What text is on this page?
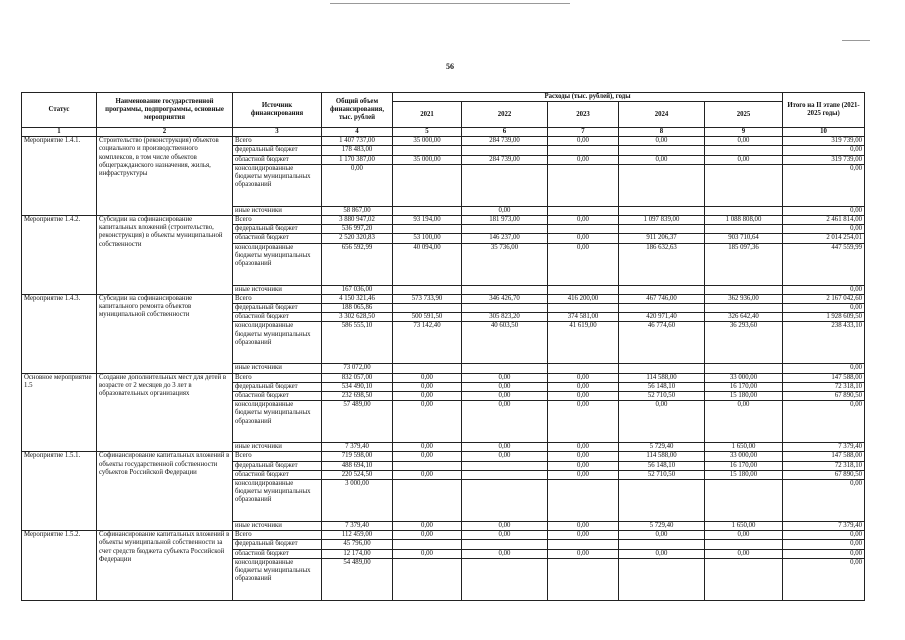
56
Статус	Наименование государственной программы, подпрограммы, основные мероприятия	Источник финансирования	Общий объем финансирования, тыс. рублей	Расходы (тыс. рублей), годы					Итого на II этапе (2021-2025 годы)
				2021	2022	2023	2024	2025	
1	2	3	4	5	6	7	8	9	10
Мероприятие 1.4.1.	Строительство (реконструкция) объектов социального и производственного комплексов, в том числе объектов общегражданского назначения, жилья, инфраструктуры	Всего	1 407 737,00	35 000,00	284 739,00	0,00	0,00	0,00	319 739,00
		федеральный бюджет	178 483,00						0,00
		областной бюджет	1 170 387,00	35 000,00	284 739,00	0,00	0,00	0,00	319 739,00
		консолидированные бюджеты муниципальных образований	0,00						0,00
		иные источники	58 867,00		0,00				0,00
Мероприятие 1.4.2.	Субсидии на софинансирование капитальных вложений (строительство, реконструкция) в объекты муниципальной собственности	Всего	3 880 947,02	93 194,00	181 973,00	0,00	1 097 839,00	1 088 808,00	2 461 814,00
		федеральный бюджет	536 997,20						0,00
		областной бюджет	2 520 320,83	53 100,00	146 237,00	0,00	911 206,37	903 710,64	2 014 254,01
		консолидированные бюджеты муниципальных образований	656 592,99	40 094,00	35 736,00	0,00	186 632,63	185 097,36	447 559,99
		иные источники	167 036,00						0,00
Мероприятие 1.4.3.	Субсидии на софинансирование капитального ремонта объектов муниципальной собственности	Всего	4 150 321,46	573 733,90	346 426,70	416 200,00	467 746,00	362 936,00	2 167 042,60
		федеральный бюджет	188 065,86						0,00
		областной бюджет	3 302 628,50	500 591,50	305 823,20	374 581,00	420 971,40	326 642,40	1 928 609,50
		консолидированные бюджеты муниципальных образований	586 555,10	73 142,40	40 603,50	41 619,00	46 774,60	36 293,60	238 433,10
		иные источники	73 072,00						0,00
Основное мероприятие 1.5	Создание дополнительных мест для детей в возрасте от 2 месяцев до 3 лет в образовательных организациях	Всего	832 057,00	0,00	0,00	0,00	114 588,00	33 000,00	147 588,00
		федеральный бюджет	534 490,10	0,00	0,00	0,00	56 148,10	16 170,00	72 318,10
		областной бюджет	232 698,50	0,00	0,00	0,00	52 710,50	15 180,00	67 890,50
		консолидированные бюджеты муниципальных образований	57 489,00	0,00	0,00	0,00	0,00	0,00	0,00
		иные источники	7 379,40	0,00	0,00	0,00	5 729,40	1 650,00	7 379,40
Мероприятие 1.5.1.	Софинансирование капитальных вложений в объекты государственной собственности субъектов Российской Федерации	Всего	719 598,00	0,00	0,00	0,00	114 588,00	33 000,00	147 588,00
		федеральный бюджет	488 694,10			0,00	56 148,10	16 170,00	72 318,10
		областной бюджет	220 524,50	0,00		0,00	52 710,50	15 180,00	67 890,50
		консолидированные бюджеты муниципальных образований	3 000,00						0,00
		иные источники	7 379,40	0,00	0,00	0,00	5 729,40	1 650,00	7 379,40
Мероприятие 1.5.2.	Софинансирование капитальных вложений в объекты муниципальной собственности за счет средств бюджета субъекта Российской Федерации	Всего	112 459,00	0,00	0,00	0,00	0,00	0,00	0,00
		федеральный бюджет	45 796,00						0,00
		областной бюджет	12 174,00	0,00	0,00	0,00	0,00	0,00	0,00
		консолидированные бюджеты муниципальных образований	54 489,00						0,00
